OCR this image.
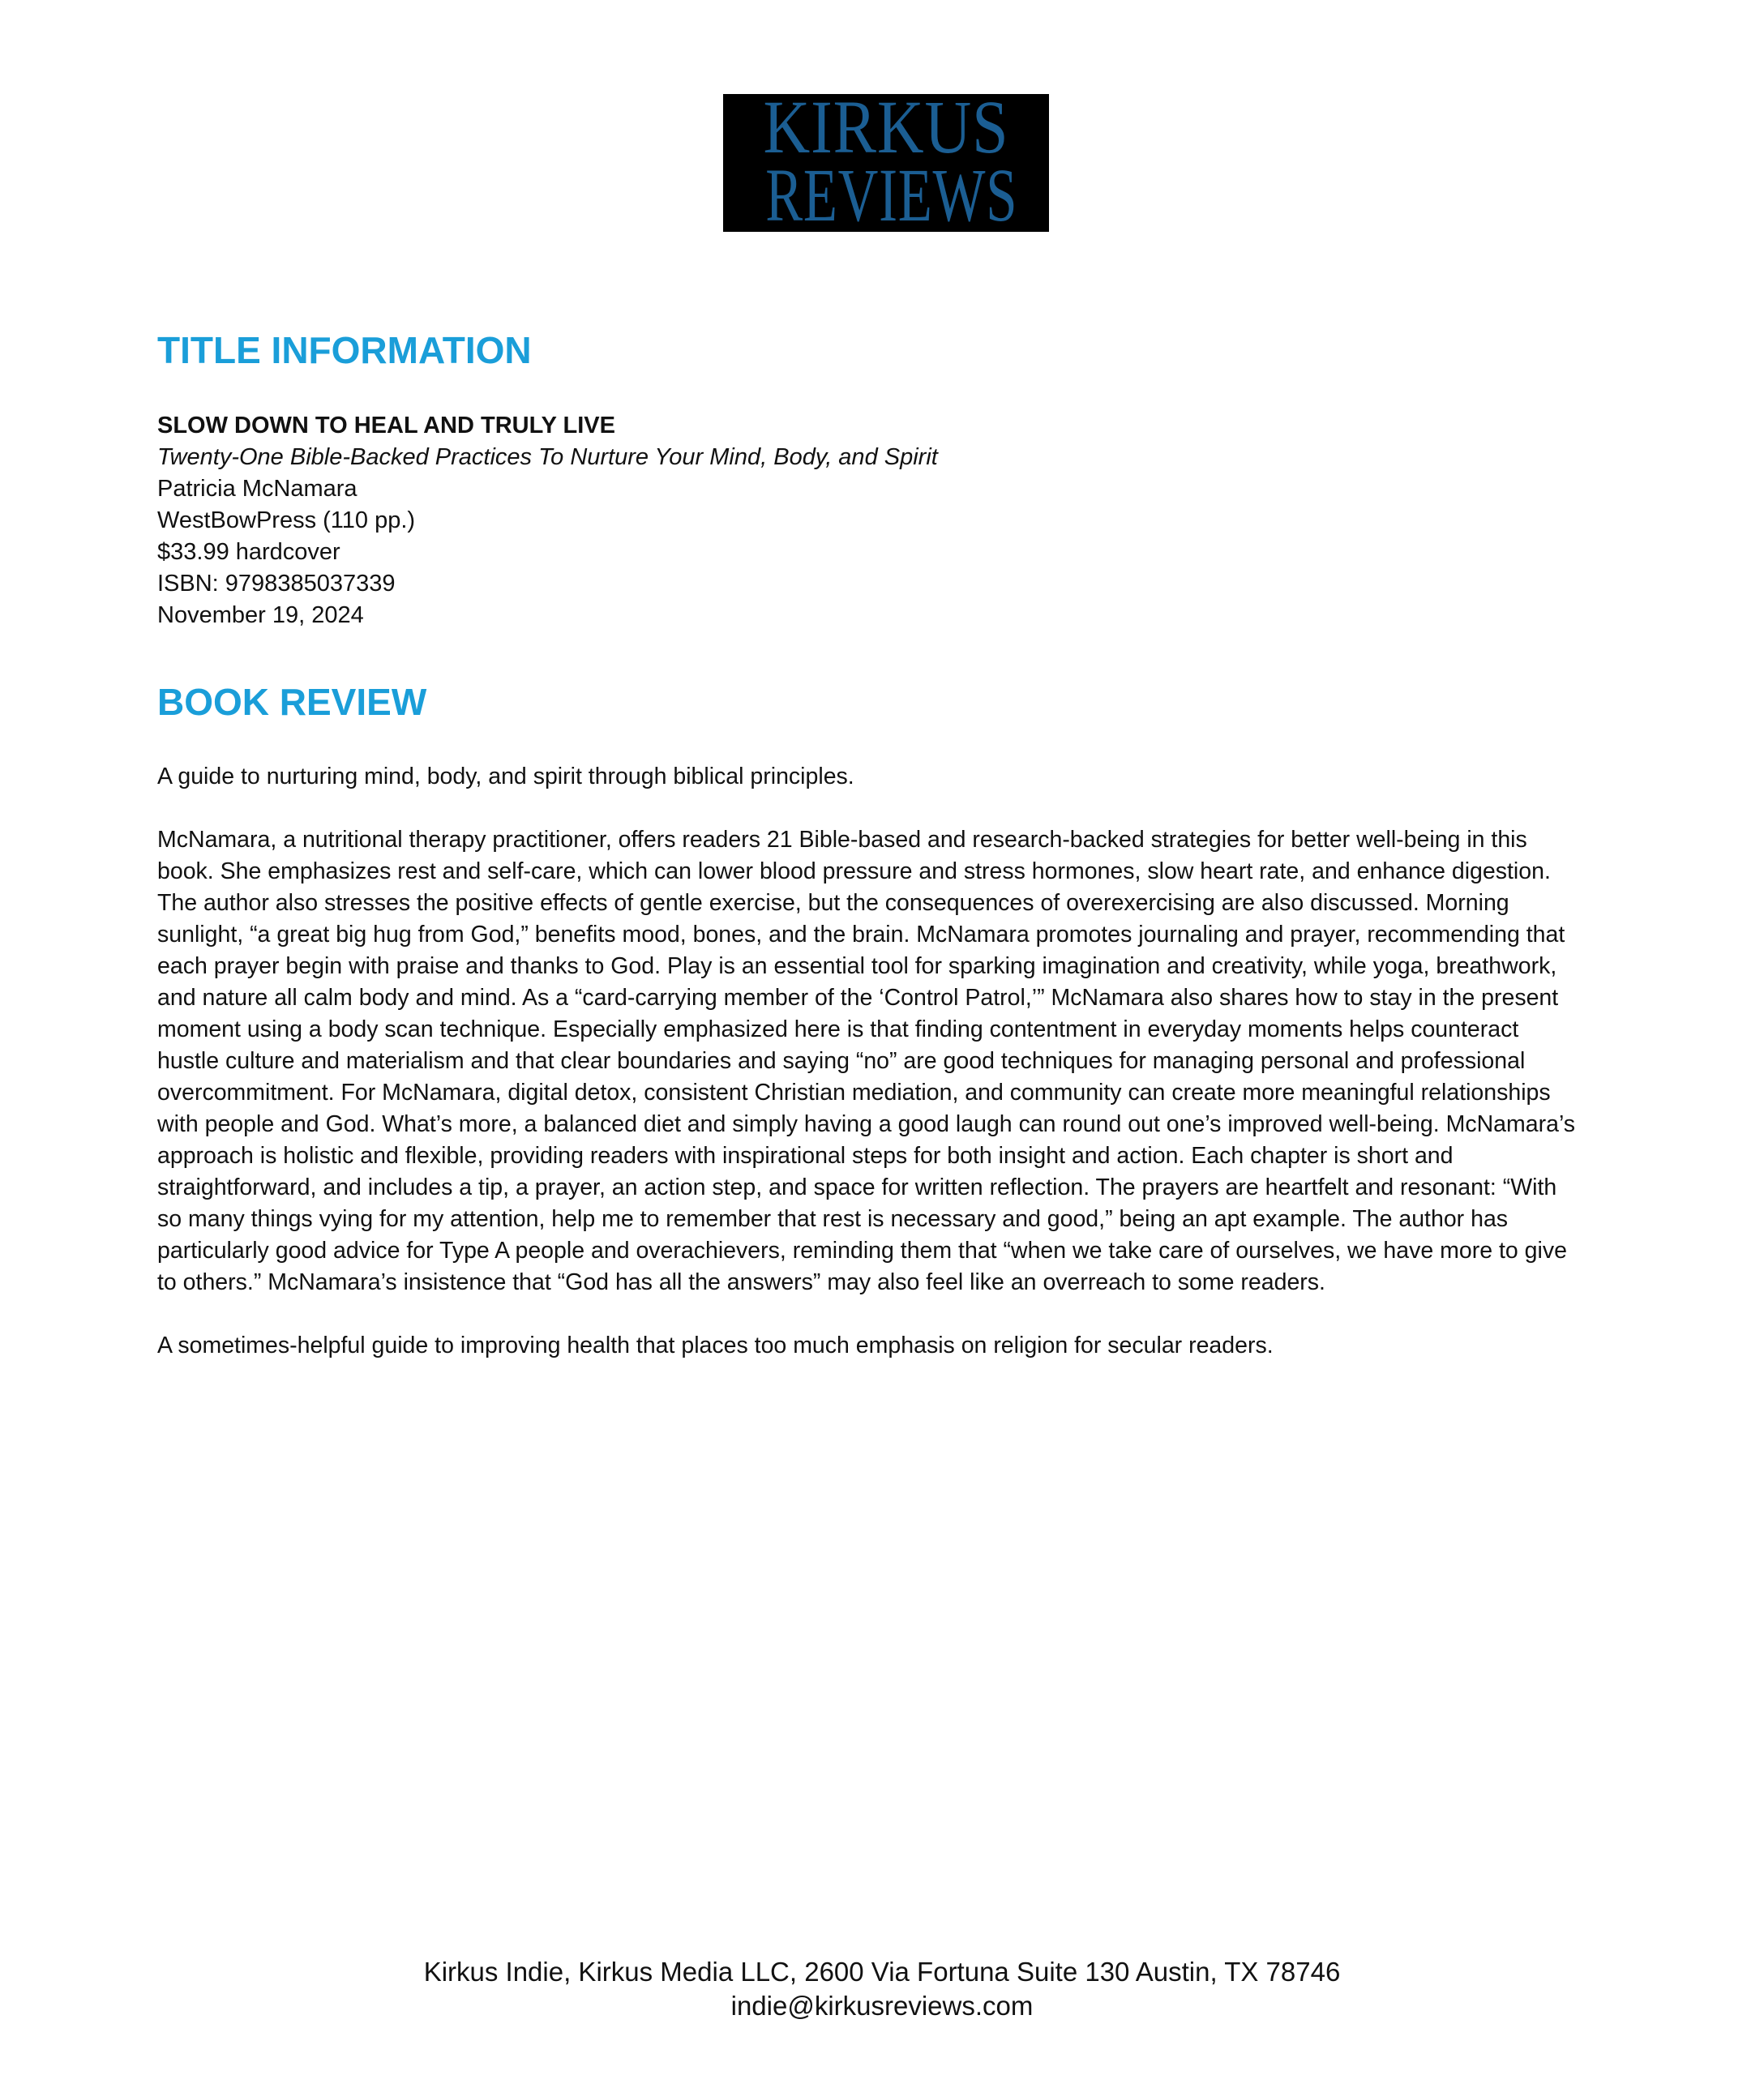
KIRKUS
REVIEWS
TITLE INFORMATION
SLOW DOWN TO HEAL AND TRULY LIVE
Twenty-One Bible-Backed Practices To Nurture Your Mind, Body, and Spirit
Patricia McNamara
WestBowPress (110 pp.)
$33.99 hardcover
ISBN: 9798385037339
November 19, 2024
BOOK REVIEW

A guide to nurturing mind, body, and spirit through biblical principles.

McNamara, a nutritional therapy practitioner, offers readers 21 Bible-based and research-backed strategies for better well-being in this book. She emphasizes rest and self-care, which can lower blood pressure and stress hormones, slow heart rate, and enhance digestion. The author also stresses the positive effects of gentle exercise, but the consequences of overexercising are also discussed. Morning sunlight, “a great big hug from God,” benefits mood, bones, and the brain. McNamara promotes journaling and prayer, recommending that each prayer begin with praise and thanks to God. Play is an essential tool for sparking imagination and creativity, while yoga, breathwork, and nature all calm body and mind. As a “card-carrying member of the ‘Control Patrol,’” McNamara also shares how to stay in the present moment using a body scan technique. Especially emphasized here is that finding contentment in everyday moments helps counteract hustle culture and materialism and that clear boundaries and saying “no” are good techniques for managing personal and professional overcommitment. For McNamara, digital detox, consistent Christian mediation, and community can create more meaningful relationships with people and God. What’s more, a balanced diet and simply having a good laugh can round out one’s improved well-being. McNamara’s approach is holistic and flexible, providing readers with inspirational steps for both insight and action. Each chapter is short and straightforward, and includes a tip, a prayer, an action step, and space for written reflection. The prayers are heartfelt and resonant: “With so many things vying for my attention, help me to remember that rest is necessary and good,” being an apt example. The author has particularly good advice for Type A people and overachievers, reminding them that “when we take care of ourselves, we have more to give to others.” McNamara’s insistence that “God has all the answers” may also feel like an overreach to some readers.

A sometimes-helpful guide to improving health that places too much emphasis on religion for secular readers.

Kirkus Indie, Kirkus Media LLC, 2600 Via Fortuna Suite 130 Austin, TX 78746
indie@kirkusreviews.com
